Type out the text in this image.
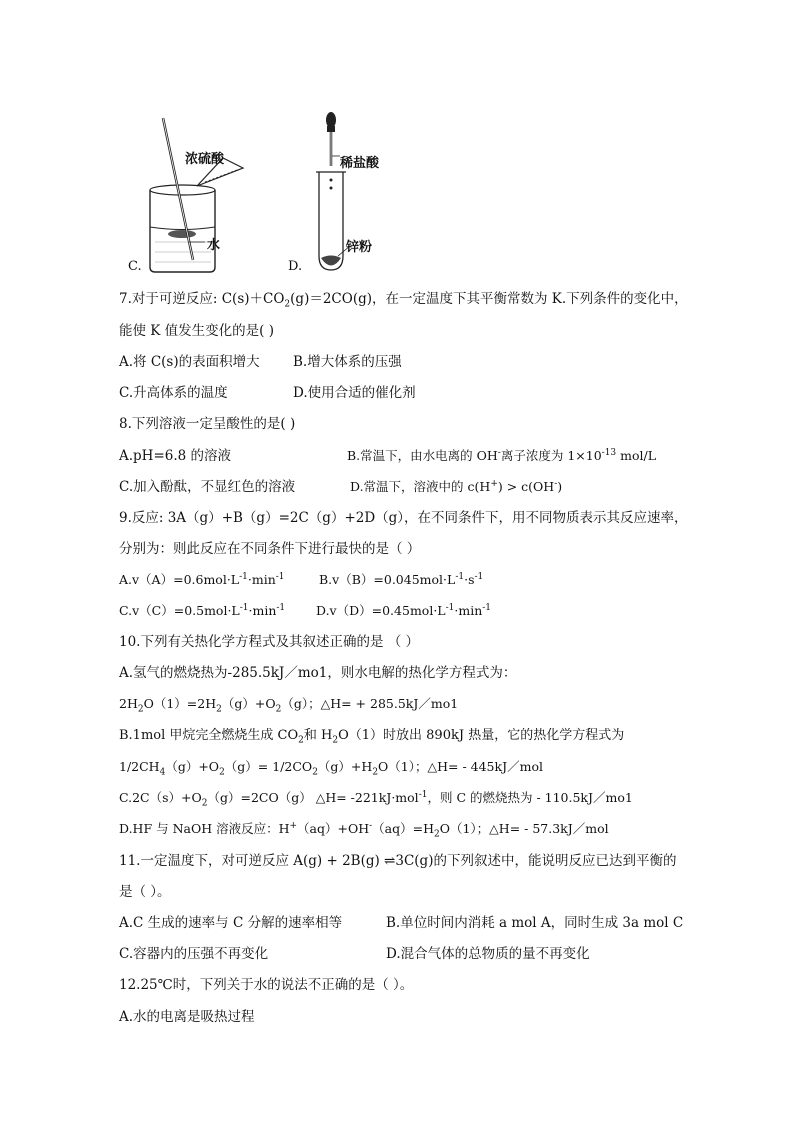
浓硫酸
水
C.
稀盐酸
锌粉
D.
7.对于可逆反应: $C(s)+CO_2(g)=2CO(g)$，在一定温度下其平衡常数为 K.下列条件的变化中，
能使 K 值发生变化的是( )
A.将 C(s)的表面积增大 B.增大体系的压强
C.升高体系的温度	D.使用合适的催化剂
8.下列溶液一定呈酸性的是( )
A.pH=6.8 的溶液	B.常温下，由水电离的 OH-离子浓度为 $1\times 10^{-13}$ mol/L
C.加入酚酞，不显红色的溶液	D.常温下，溶液中的 c(H+) > c(OH-)
9.反应: 3A（g）+B（g）=2C（g）+2D（g），在不同条件下，用不同物质表示其反应速率，
分别为：则此反应在不同条件下进行最快的是（ ）
$A.v(A)=0.6mol\cdot L^{-1}\cdot\min^{-1}$	$B.v(B)=0.045mol\cdot L^{-1}\cdot s^{-1}$
$C.v(C)=0.5mol\cdot L^{-1}\cdot\min^{-1}$ $D.v(D)=0.45mol\cdot L^{-1}\cdot\min^{-1}$
10.下列有关热化学方程式及其叙述正确的是 （ ）
A.氢气的燃烧热为-285.5kJ／mo1，则水电解的热化学方程式为：
$2H_2O(1)=2H_2(g)+O_2(g)$；△H= + 285.5kJ／mo1
B.1mol 甲烷完全燃烧生成 $CO_2$和 $H_2O(1)$时放出 890kJ 热量，它的热化学方程式为
$1/2CH_4(g)+O_2(g)= 1/2CO_2(g)+H_2O(1)$；△H= - 445kJ／mol
$C.2C(s)+O_2(g)=2CO(g)$ △H= -221kJ·mol$^{-1}$，则 C 的燃烧热为 - 110.5kJ／mo1
D.HF 与 NaOH 溶液反应：$H^+(aq)+OH^-(aq)=H_2O(1)$；△H= - 57.3kJ／mol
11.一定温度下，对可逆反应 A(g) + 2B(g) ⇌3C(g)的下列叙述中，能说明反应已达到平衡的
是（ ）。
A.C 生成的速率与 C 分解的速率相等	B.单位时间内消耗 a mol A，同时生成 3a mol C
C.容器内的压强不再变化	D.混合气体的总物质的量不再变化
12.25℃时，下列关于水的说法不正确的是（ ）。
A.水的电离是吸热过程
